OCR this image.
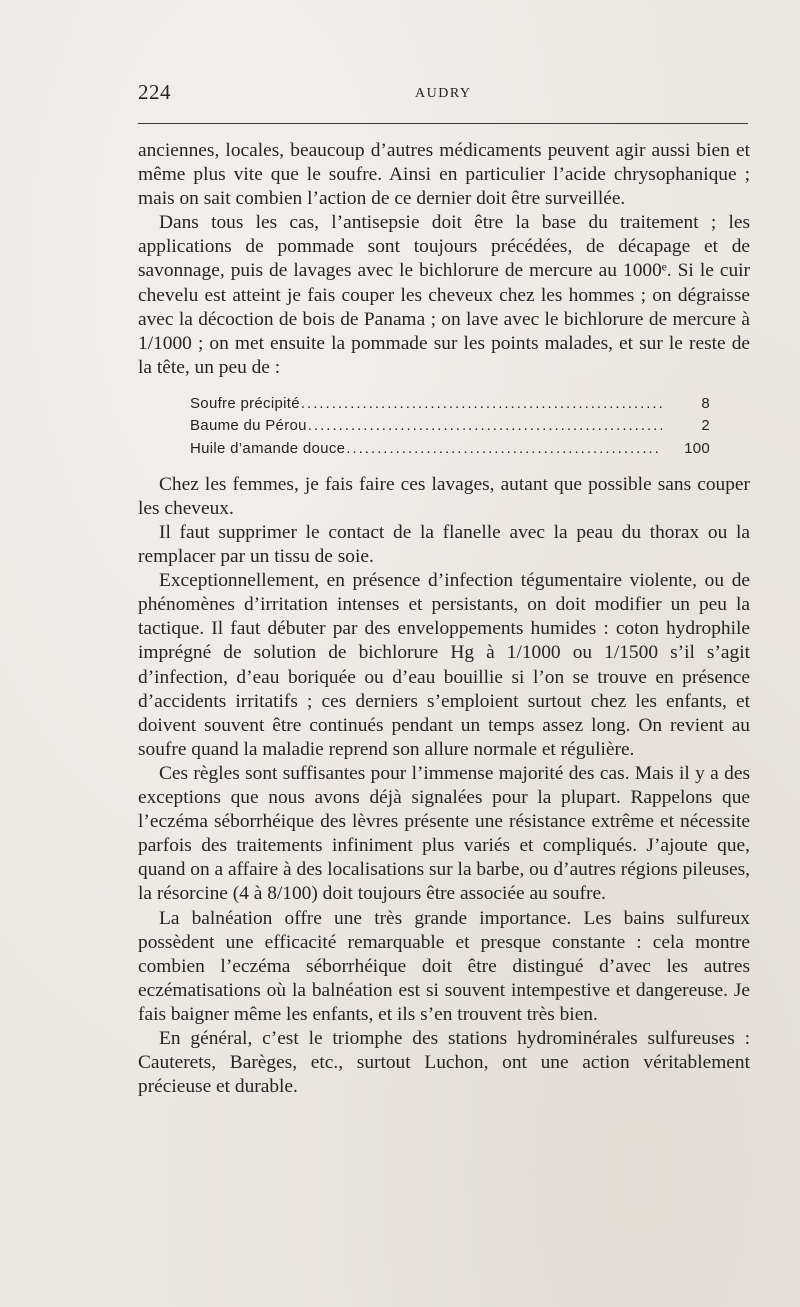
224	AUDRY

anciennes, locales, beaucoup d’autres médicaments peuvent agir aussi bien et même plus vite que le soufre. Ainsi en particulier l’acide chrysophanique ; mais on sait combien l’action de ce dernier doit être surveillée.

Dans tous les cas, l’antisepsie doit être la base du traitement ; les applications de pommade sont toujours précédées, de décapage et de savonnage, puis de lavages avec le bichlorure de mercure au 1000ᵉ. Si le cuir chevelu est atteint je fais couper les cheveux chez les hommes ; on dégraisse avec la décoction de bois de Panama ; on lave avec le bichlorure de mercure à 1/1000 ; on met ensuite la pommade sur les points malades, et sur le reste de la tête, un peu de :

Soufre précipité .....	8
Baume du Pérou .....	2
Huile d’amande douce .....	100

Chez les femmes, je fais faire ces lavages, autant que possible sans couper les cheveux.

Il faut supprimer le contact de la flanelle avec la peau du thorax ou la remplacer par un tissu de soie.

Exceptionnellement, en présence d’infection tégumentaire violente, ou de phénomènes d’irritation intenses et persistants, on doit modifier un peu la tactique. Il faut débuter par des enveloppements humides : coton hydrophile imprégné de solution de bichlorure Hg à 1/1000 ou 1/1500 s’il s’agit d’infection, d’eau boriquée ou d’eau bouillie si l’on se trouve en présence d’accidents irritatifs ; ces derniers s’emploient surtout chez les enfants, et doivent souvent être continués pendant un temps assez long. On revient au soufre quand la maladie reprend son allure normale et régulière.

Ces règles sont suffisantes pour l’immense majorité des cas. Mais il y a des exceptions que nous avons déjà signalées pour la plupart. Rappelons que l’eczéma séborrhéique des lèvres présente une résistance extrême et nécessite parfois des traitements infiniment plus variés et compliqués. J’ajoute que, quand on a affaire à des localisations sur la barbe, ou d’autres régions pileuses, la résorcine (4 à 8/100) doit toujours être associée au soufre.

La balnéation offre une très grande importance. Les bains sulfureux possèdent une efficacité remarquable et presque constante : cela montre combien l’eczéma séborrhéique doit être distingué d’avec les autres eczématisations où la balnéation est si souvent intempestive et dangereuse. Je fais baigner même les enfants, et ils s’en trouvent très bien.

En général, c’est le triomphe des stations hydrominérales sulfureuses : Cauterets, Barèges, etc., surtout Luchon, ont une action véritablement précieuse et durable.
